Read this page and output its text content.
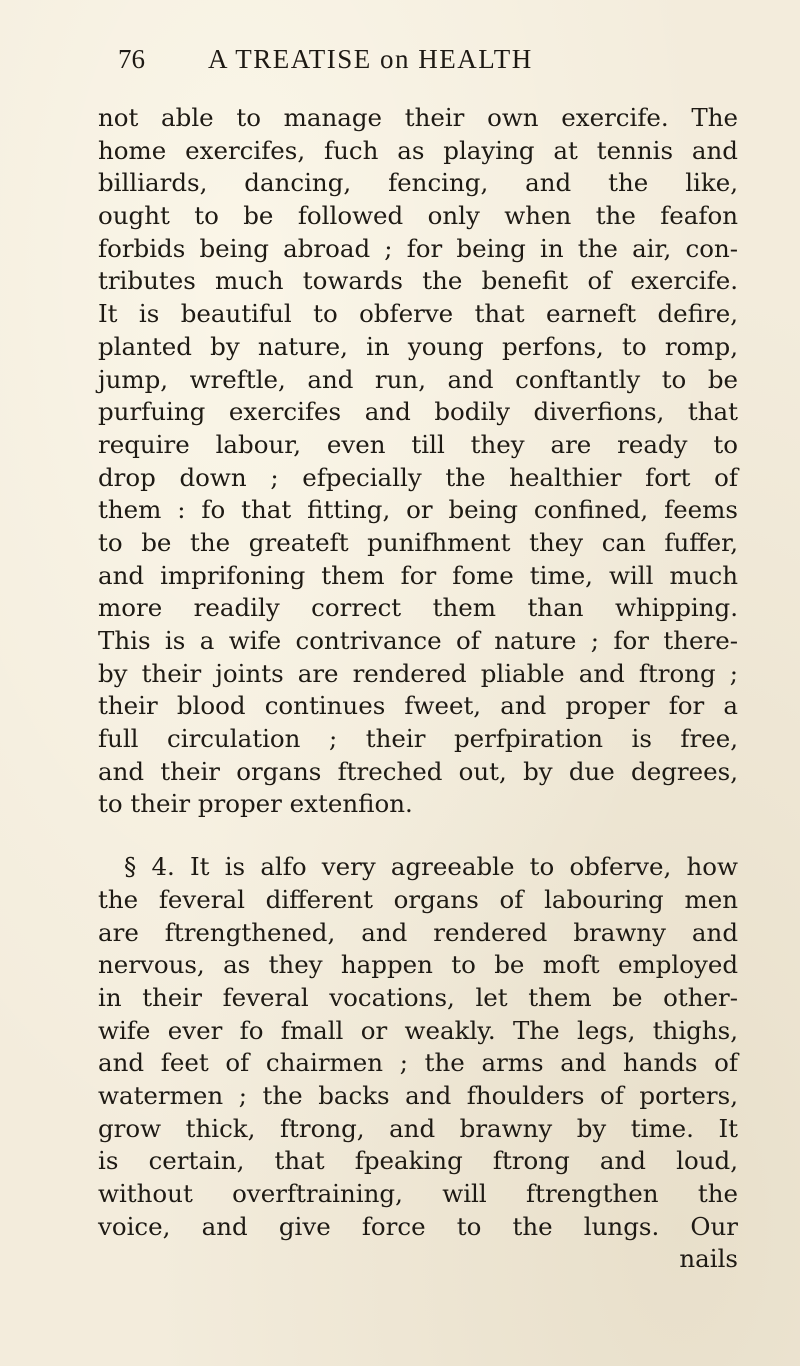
76 A TREATISE on HEALTH
not able to manage their own exercife. The
home exercifes, fuch as playing at tennis and
billiards, dancing, fencing, and the like,
ought to be followed only when the feafon
forbids being abroad ; for being in the air, con-
tributes much towards the benefit of exercife.
It is beautiful to obferve that earneft defire,
planted by nature, in young perfons, to romp,
jump, wreftle, and run, and conftantly to be
purfuing exercifes and bodily diverfions, that
require labour, even till they are ready to
drop down ; efpecially the healthier fort of
them : fo that fitting, or being confined, feems
to be the greateft punifhment they can fuffer,
and imprifoning them for fome time, will much
more readily correct them than whipping.
This is a wife contrivance of nature ; for there-
by their joints are rendered pliable and ftrong ;
their blood continues fweet, and proper for a
full circulation ; their perfpiration is free,
and their organs ftreched out, by due degrees,
to their proper extenfion.
§ 4. It is alfo very agreeable to obferve, how
the feveral different organs of labouring men
are ftrengthened, and rendered brawny and
nervous, as they happen to be moft employed
in their feveral vocations, let them be other-
wife ever fo fmall or weakly. The legs, thighs,
and feet of chairmen ; the arms and hands of
watermen ; the backs and fhoulders of porters,
grow thick, ftrong, and brawny by time. It
is certain, that fpeaking ftrong and loud,
without overftraining, will ftrengthen the
voice, and give force to the lungs. Our
nails
